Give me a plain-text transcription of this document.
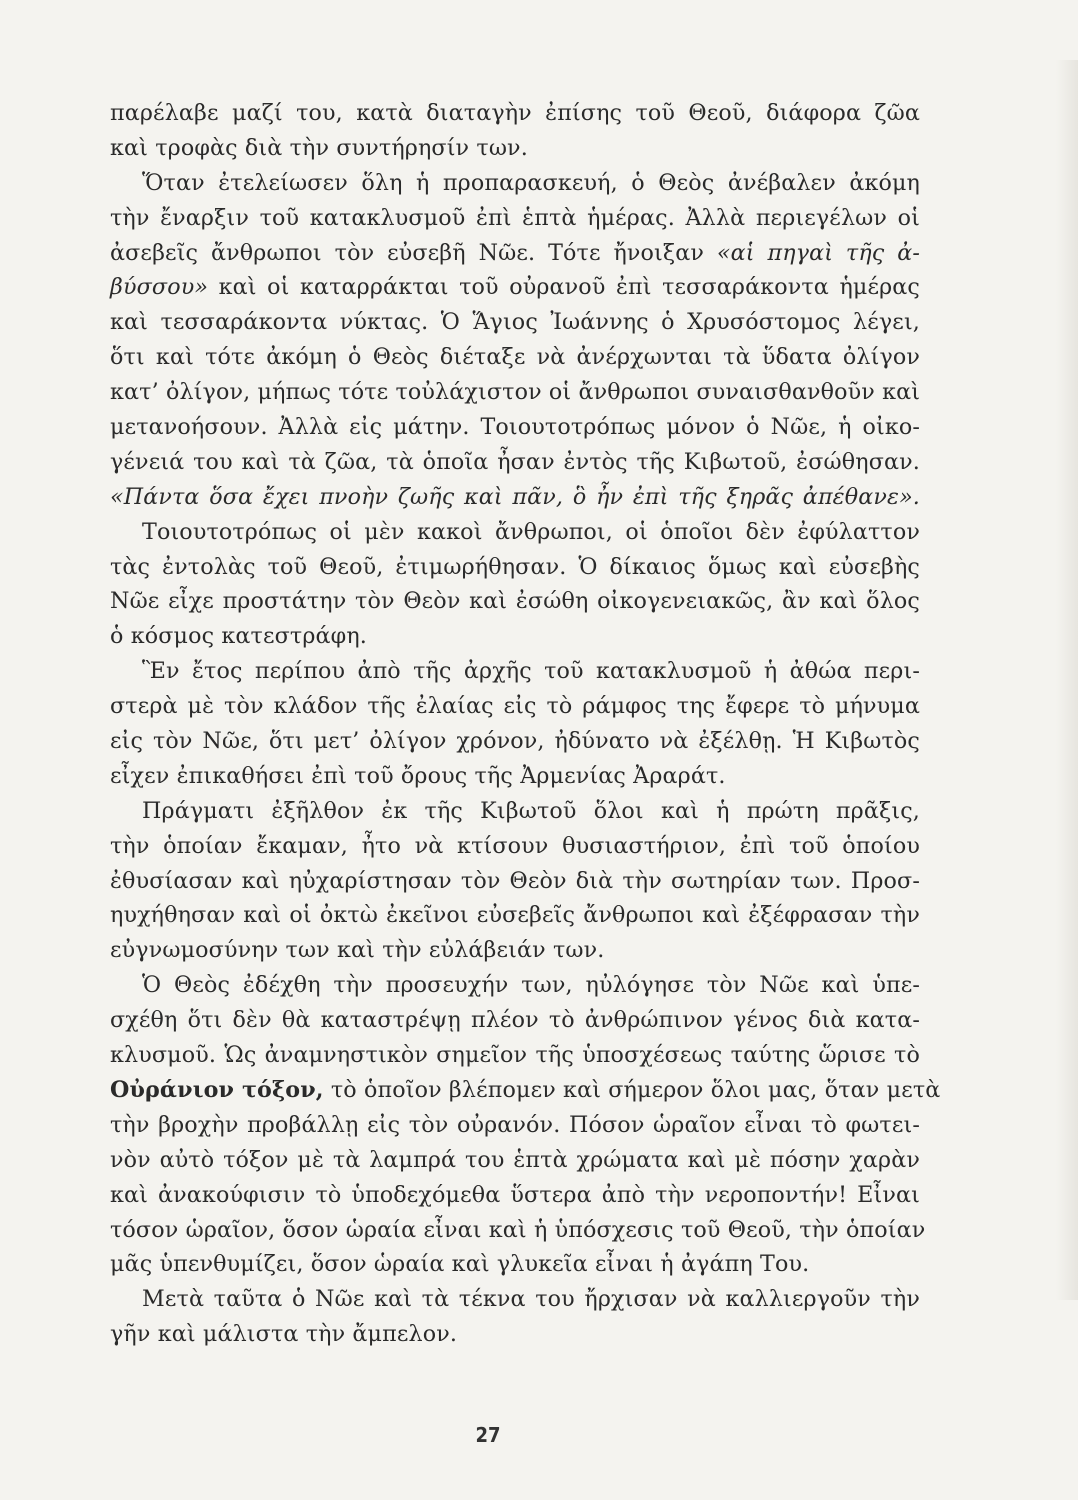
παρέλαβε μαζί του, κατὰ διαταγὴν ἐπίσης τοῦ Θεοῦ, διάφορα ζῶα
καὶ τροφὰς διὰ τὴν συντήρησίν των.
Ὅταν ἐτελείωσεν ὅλη ἡ προπαρασκευή, ὁ Θεὸς ἀνέβαλεν ἀκόμη
τὴν ἔναρξιν τοῦ κατακλυσμοῦ ἐπὶ ἑπτὰ ἡμέρας. Ἀλλὰ περιεγέλων οἱ
ἀσεβεῖς ἄνθρωποι τὸν εὐσεβῆ Νῶε. Τότε ἤνοιξαν «αἱ πηγαὶ τῆς ἀ-
βύσσου» καὶ οἱ καταρράκται τοῦ οὐρανοῦ ἐπὶ τεσσαράκοντα ἡμέρας
καὶ τεσσαράκοντα νύκτας. Ὁ Ἅγιος Ἰωάννης ὁ Χρυσόστομος λέγει,
ὅτι καὶ τότε ἀκόμη ὁ Θεὸς διέταξε νὰ ἀνέρχωνται τὰ ὕδατα ὀλίγον
κατ’ ὀλίγον, μήπως τότε τοὐλάχιστον οἱ ἄνθρωποι συναισθανθοῦν καὶ
μετανοήσουν. Ἀλλὰ εἰς μάτην. Τοιουτοτρόπως μόνον ὁ Νῶε, ἡ οἰκο-
γένειά του καὶ τὰ ζῶα, τὰ ὁποῖα ἦσαν ἐντὸς τῆς Κιβωτοῦ, ἐσώθησαν.
«Πάντα ὅσα ἔχει πνοὴν ζωῆς καὶ πᾶν, ὃ ἦν ἐπὶ τῆς ξηρᾶς ἀπέθανε».
Τοιουτοτρόπως οἱ μὲν κακοὶ ἄνθρωποι, οἱ ὁποῖοι δὲν ἐφύλαττον
τὰς ἐντολὰς τοῦ Θεοῦ, ἐτιμωρήθησαν. Ὁ δίκαιος ὅμως καὶ εὐσεβὴς
Νῶε εἶχε προστάτην τὸν Θεὸν καὶ ἐσώθη οἰκογενειακῶς, ἂν καὶ ὅλος
ὁ κόσμος κατεστράφη.
Ἓν ἔτος περίπου ἀπὸ τῆς ἀρχῆς τοῦ κατακλυσμοῦ ἡ ἀθώα περι-
στερὰ μὲ τὸν κλάδον τῆς ἐλαίας εἰς τὸ ράμφος της ἔφερε τὸ μήνυμα
εἰς τὸν Νῶε, ὅτι μετ’ ὀλίγον χρόνον, ἠδύνατο νὰ ἐξέλθῃ. Ἡ Κιβωτὸς
εἶχεν ἐπικαθήσει ἐπὶ τοῦ ὄρους τῆς Ἀρμενίας Ἀραράτ.
Πράγματι ἐξῆλθον ἐκ τῆς Κιβωτοῦ ὅλοι καὶ ἡ πρώτη πρᾶξις,
τὴν ὁποίαν ἔκαμαν, ἦτο νὰ κτίσουν θυσιαστήριον, ἐπὶ τοῦ ὁποίου
ἐθυσίασαν καὶ ηὐχαρίστησαν τὸν Θεὸν διὰ τὴν σωτηρίαν των. Προσ-
ηυχήθησαν καὶ οἱ ὀκτὼ ἐκεῖνοι εὐσεβεῖς ἄνθρωποι καὶ ἐξέφρασαν τὴν
εὐγνωμοσύνην των καὶ τὴν εὐλάβειάν των.
Ὁ Θεὸς ἐδέχθη τὴν προσευχήν των, ηὐλόγησε τὸν Νῶε καὶ ὑπε-
σχέθη ὅτι δὲν θὰ καταστρέψῃ πλέον τὸ ἀνθρώπινον γένος διὰ κατα-
κλυσμοῦ. Ὡς ἀναμνηστικὸν σημεῖον τῆς ὑποσχέσεως ταύτης ὥρισε τὸ
Οὐράνιον τόξον, τὸ ὁποῖον βλέπομεν καὶ σήμερον ὅλοι μας, ὅταν μετὰ
τὴν βροχὴν προβάλλῃ εἰς τὸν οὐρανόν. Πόσον ὡραῖον εἶναι τὸ φωτει-
νὸν αὐτὸ τόξον μὲ τὰ λαμπρά του ἑπτὰ χρώματα καὶ μὲ πόσην χαρὰν
καὶ ἀνακούφισιν τὸ ὑποδεχόμεθα ὕστερα ἀπὸ τὴν νεροποντήν! Εἶναι
τόσον ὡραῖον, ὅσον ὡραία εἶναι καὶ ἡ ὑπόσχεσις τοῦ Θεοῦ, τὴν ὁποίαν
μᾶς ὑπενθυμίζει, ὅσον ὡραία καὶ γλυκεῖα εἶναι ἡ ἀγάπη Του.
Μετὰ ταῦτα ὁ Νῶε καὶ τὰ τέκνα του ἤρχισαν νὰ καλλιεργοῦν τὴν
γῆν καὶ μάλιστα τὴν ἄμπελον.
27
